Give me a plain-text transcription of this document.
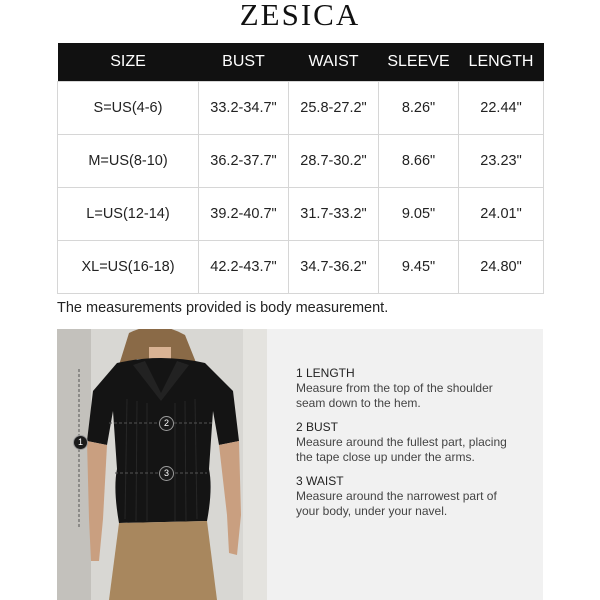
ZESICA
SIZE	BUST	WAIST	SLEEVE	LENGTH
S=US(4-6)	33.2-34.7"	25.8-27.2"	8.26"	22.44"
M=US(8-10)	36.2-37.7"	28.7-30.2"	8.66"	23.23"
L=US(12-14)	39.2-40.7"	31.7-33.2"	9.05"	24.01"
XL=US(16-18)	42.2-43.7"	34.7-36.2"	9.45"	24.80"
The measurements provided is body measurement.
1
2
3
1 LENGTH
Measure from the top of the shoulder
seam down to the hem.
2 BUST
Measure around the fullest part, placing
the tape close up under the arms.
3 WAIST
Measure around the narrowest part of
your body, under your navel.
